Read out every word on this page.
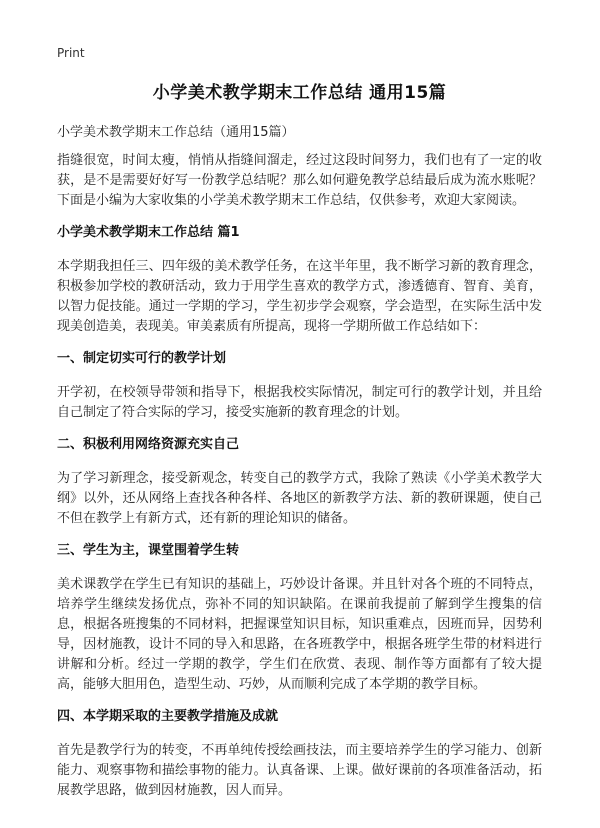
Print
小学美术教学期末工作总结 通用15篇

小学美术教学期末工作总结（通用15篇）

指缝很宽，时间太瘦，悄悄从指缝间溜走，经过这段时间努力，我们也有了一定的收获，是不是需要好好写一份教学总结呢？那么如何避免教学总结最后成为流水账呢？下面是小编为大家收集的小学美术教学期末工作总结，仅供参考，欢迎大家阅读。

小学美术教学期末工作总结 篇1

本学期我担任三、四年级的美术教学任务，在这半年里，我不断学习新的教育理念，积极参加学校的教研活动，致力于用学生喜欢的教学方式，渗透德育、智育、美育，以智力促技能。通过一学期的学习，学生初步学会观察，学会造型，在实际生活中发现美创造美，表现美。审美素质有所提高，现将一学期所做工作总结如下：

一、制定切实可行的教学计划

开学初，在校领导带领和指导下，根据我校实际情况，制定可行的教学计划，并且给自己制定了符合实际的学习，接受实施新的教育理念的计划。

二、积极利用网络资源充实自己

为了学习新理念，接受新观念，转变自己的教学方式，我除了熟读《小学美术教学大纲》以外，还从网络上查找各种各样、各地区的新教学方法、新的教研课题，使自己不但在教学上有新方式，还有新的理论知识的储备。

三、学生为主，课堂围着学生转

美术课教学在学生已有知识的基础上，巧妙设计备课。并且针对各个班的不同特点，培养学生继续发扬优点，弥补不同的知识缺陷。在课前我提前了解到学生搜集的信息，根据各班搜集的不同材料，把握课堂知识目标，知识重难点，因班而异，因势利导，因材施教，设计不同的导入和思路，在各班教学中，根据各班学生带的材料进行讲解和分析。经过一学期的教学，学生们在欣赏、表现、制作等方面都有了较大提高，能够大胆用色，造型生动、巧妙，从而顺利完成了本学期的教学目标。

四、本学期采取的主要教学措施及成就

首先是教学行为的转变，不再单纯传授绘画技法，而主要培养学生的学习能力、创新能力、观察事物和描绘事物的能力。认真备课、上课。做好课前的各项准备活动，拓展教学思路，做到因材施教，因人而异。
